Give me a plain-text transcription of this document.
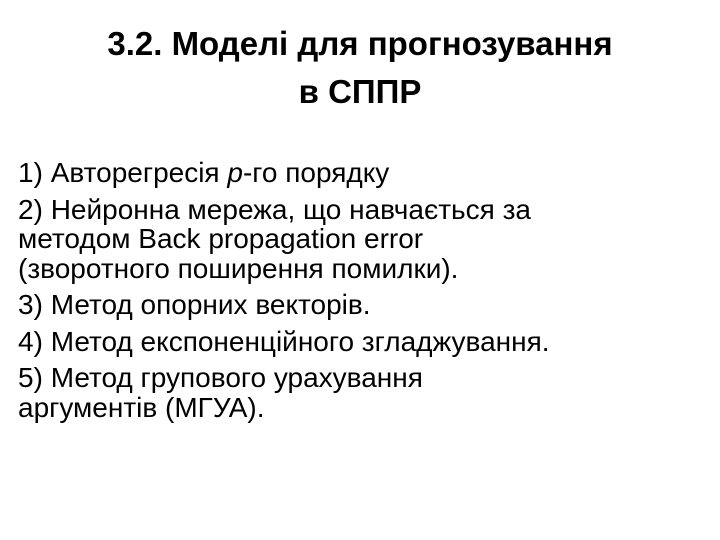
3.2. Моделі для прогнозування
в СППР
1) Авторегресія p-го порядку
2) Нейронна мережа, що навчається за
методом Back propagation error
(зворотного поширення помилки).
3) Метод опорних векторів.
4) Метод експоненційного згладжування.
5) Метод групового урахування
аргументів (МГУА).
